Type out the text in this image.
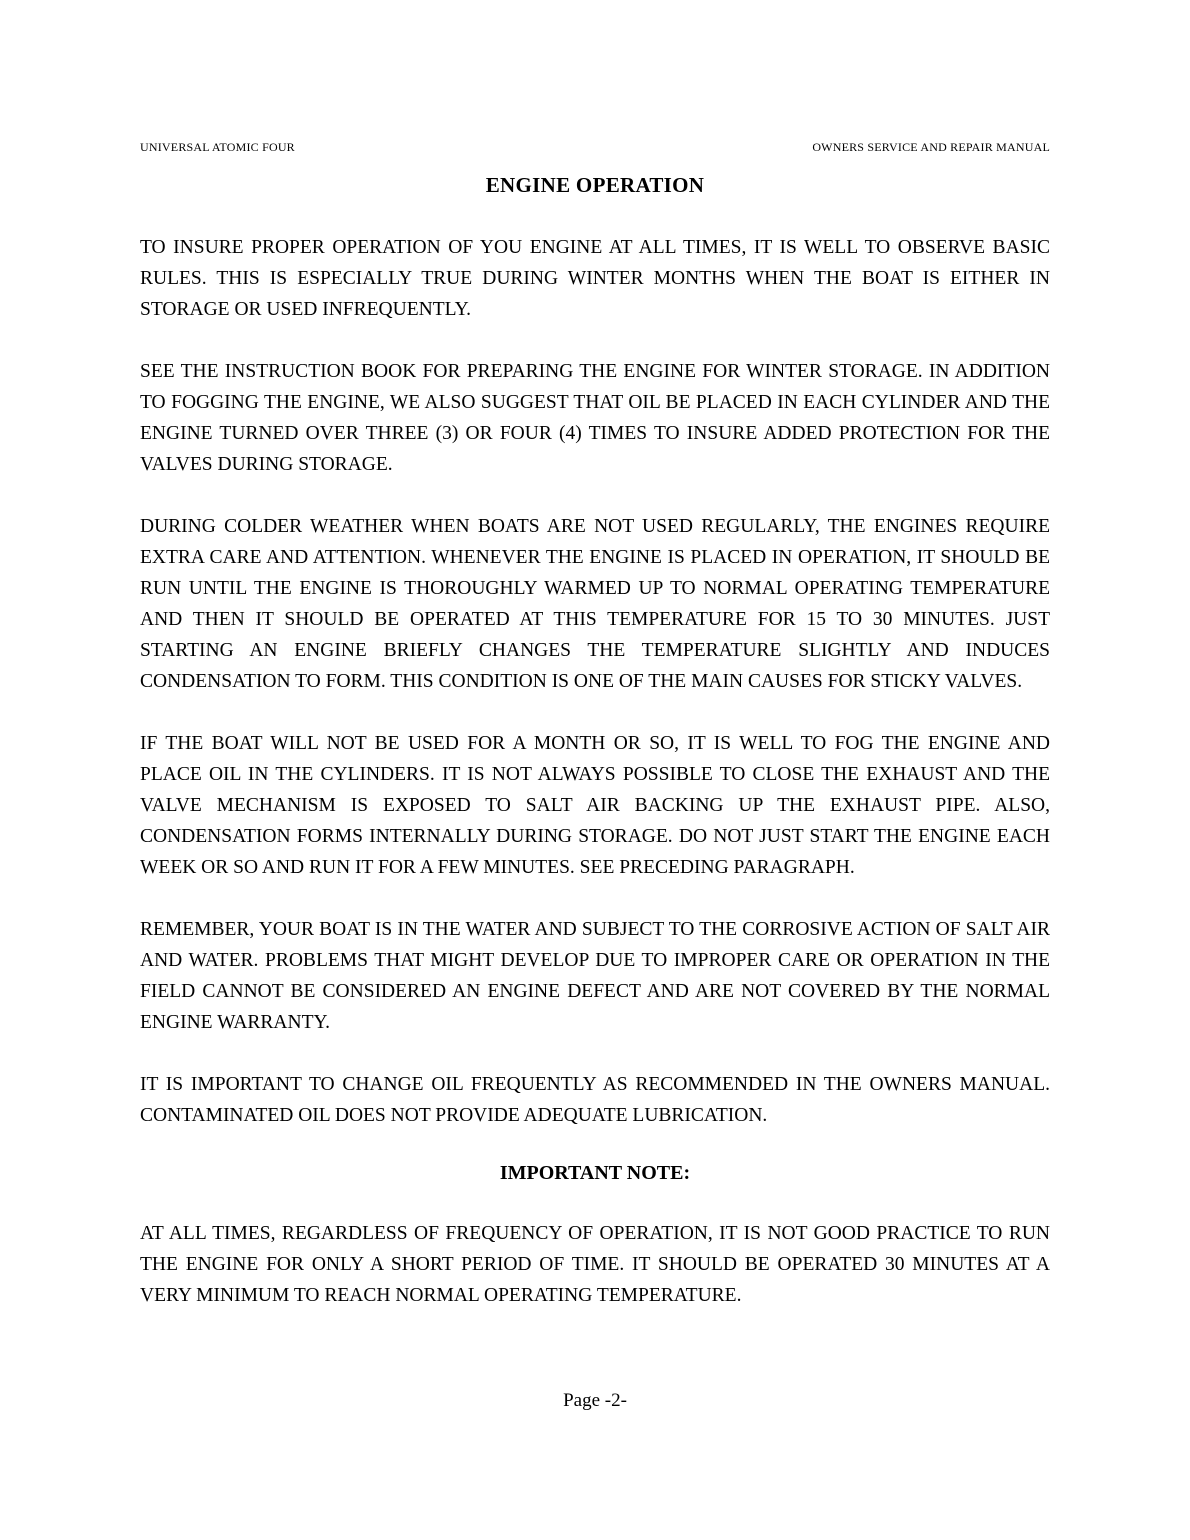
UNIVERSAL ATOMIC FOUR	OWNERS SERVICE AND REPAIR MANUAL
ENGINE OPERATION

TO INSURE PROPER OPERATION OF YOU ENGINE AT ALL TIMES, IT IS WELL TO OBSERVE BASIC RULES. THIS IS ESPECIALLY TRUE DURING WINTER MONTHS WHEN THE BOAT IS EITHER IN STORAGE OR USED INFREQUENTLY.

SEE THE INSTRUCTION BOOK FOR PREPARING THE ENGINE FOR WINTER STORAGE. IN ADDITION TO FOGGING THE ENGINE, WE ALSO SUGGEST THAT OIL BE PLACED IN EACH CYLINDER AND THE ENGINE TURNED OVER THREE (3) OR FOUR (4) TIMES TO INSURE ADDED PROTECTION FOR THE VALVES DURING STORAGE.

DURING COLDER WEATHER WHEN BOATS ARE NOT USED REGULARLY, THE ENGINES REQUIRE EXTRA CARE AND ATTENTION. WHENEVER THE ENGINE IS PLACED IN OPERATION, IT SHOULD BE RUN UNTIL THE ENGINE IS THOROUGHLY WARMED UP TO NORMAL OPERATING TEMPERATURE AND THEN IT SHOULD BE OPERATED AT THIS TEMPERATURE FOR 15 TO 30 MINUTES. JUST STARTING AN ENGINE BRIEFLY CHANGES THE TEMPERATURE SLIGHTLY AND INDUCES CONDENSATION TO FORM. THIS CONDITION IS ONE OF THE MAIN CAUSES FOR STICKY VALVES.

IF THE BOAT WILL NOT BE USED FOR A MONTH OR SO, IT IS WELL TO FOG THE ENGINE AND PLACE OIL IN THE CYLINDERS. IT IS NOT ALWAYS POSSIBLE TO CLOSE THE EXHAUST AND THE VALVE MECHANISM IS EXPOSED TO SALT AIR BACKING UP THE EXHAUST PIPE. ALSO, CONDENSATION FORMS INTERNALLY DURING STORAGE. DO NOT JUST START THE ENGINE EACH WEEK OR SO AND RUN IT FOR A FEW MINUTES. SEE PRECEDING PARAGRAPH.

REMEMBER, YOUR BOAT IS IN THE WATER AND SUBJECT TO THE CORROSIVE ACTION OF SALT AIR AND WATER. PROBLEMS THAT MIGHT DEVELOP DUE TO IMPROPER CARE OR OPERATION IN THE FIELD CANNOT BE CONSIDERED AN ENGINE DEFECT AND ARE NOT COVERED BY THE NORMAL ENGINE WARRANTY.

IT IS IMPORTANT TO CHANGE OIL FREQUENTLY AS RECOMMENDED IN THE OWNERS MANUAL. CONTAMINATED OIL DOES NOT PROVIDE ADEQUATE LUBRICATION.

IMPORTANT NOTE:

AT ALL TIMES, REGARDLESS OF FREQUENCY OF OPERATION, IT IS NOT GOOD PRACTICE TO RUN THE ENGINE FOR ONLY A SHORT PERIOD OF TIME. IT SHOULD BE OPERATED 30 MINUTES AT A VERY MINIMUM TO REACH NORMAL OPERATING TEMPERATURE.

Page -2-
